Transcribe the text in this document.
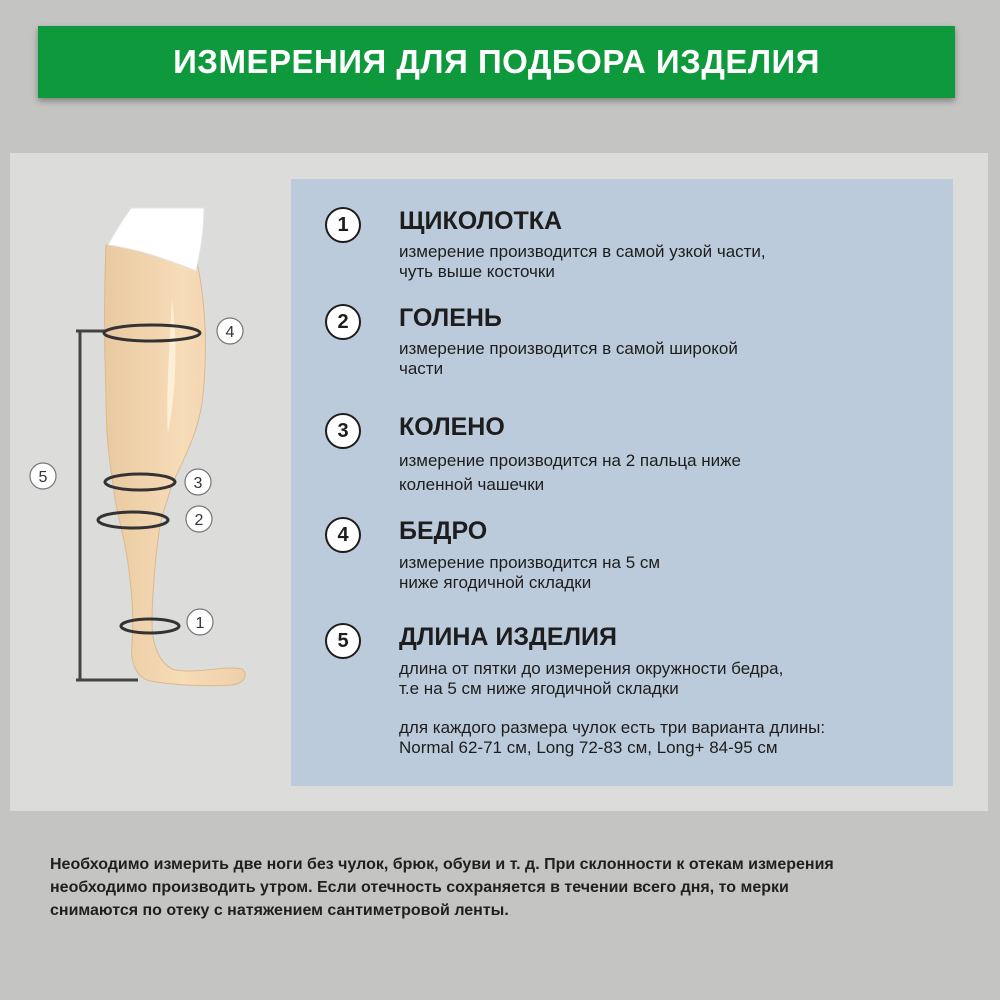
ИЗМЕРЕНИЯ ДЛЯ ПОДБОРА ИЗДЕЛИЯ
4
5	3
2
1
1	ЩИКОЛОТКА

измерение производится в самой узкой части,
чуть выше косточки

2	ГОЛЕНЬ

измерение производится в самой широкой
части

3	КОЛЕНО

измерение производится на 2 пальца ниже
коленной чашечки

4	БЕДРО

измерение производится на 5 см
ниже ягодичной складки

5	ДЛИНА ИЗДЕЛИЯ

длина от пятки до измерения окружности бедра,
т.е на 5 см ниже ягодичной складки

для каждого размера чулок есть три варианта длины:
Normal 62-71 см, Long 72-83 см, Long+ 84-95 см

Необходимо измерить две ноги без чулок, брюк, обуви и т. д. При склонности к отекам измерения

необходимо производить утром. Если отечность сохраняется в течении всего дня, то мерки

снимаются по отеку с натяжением сантиметровой ленты.
